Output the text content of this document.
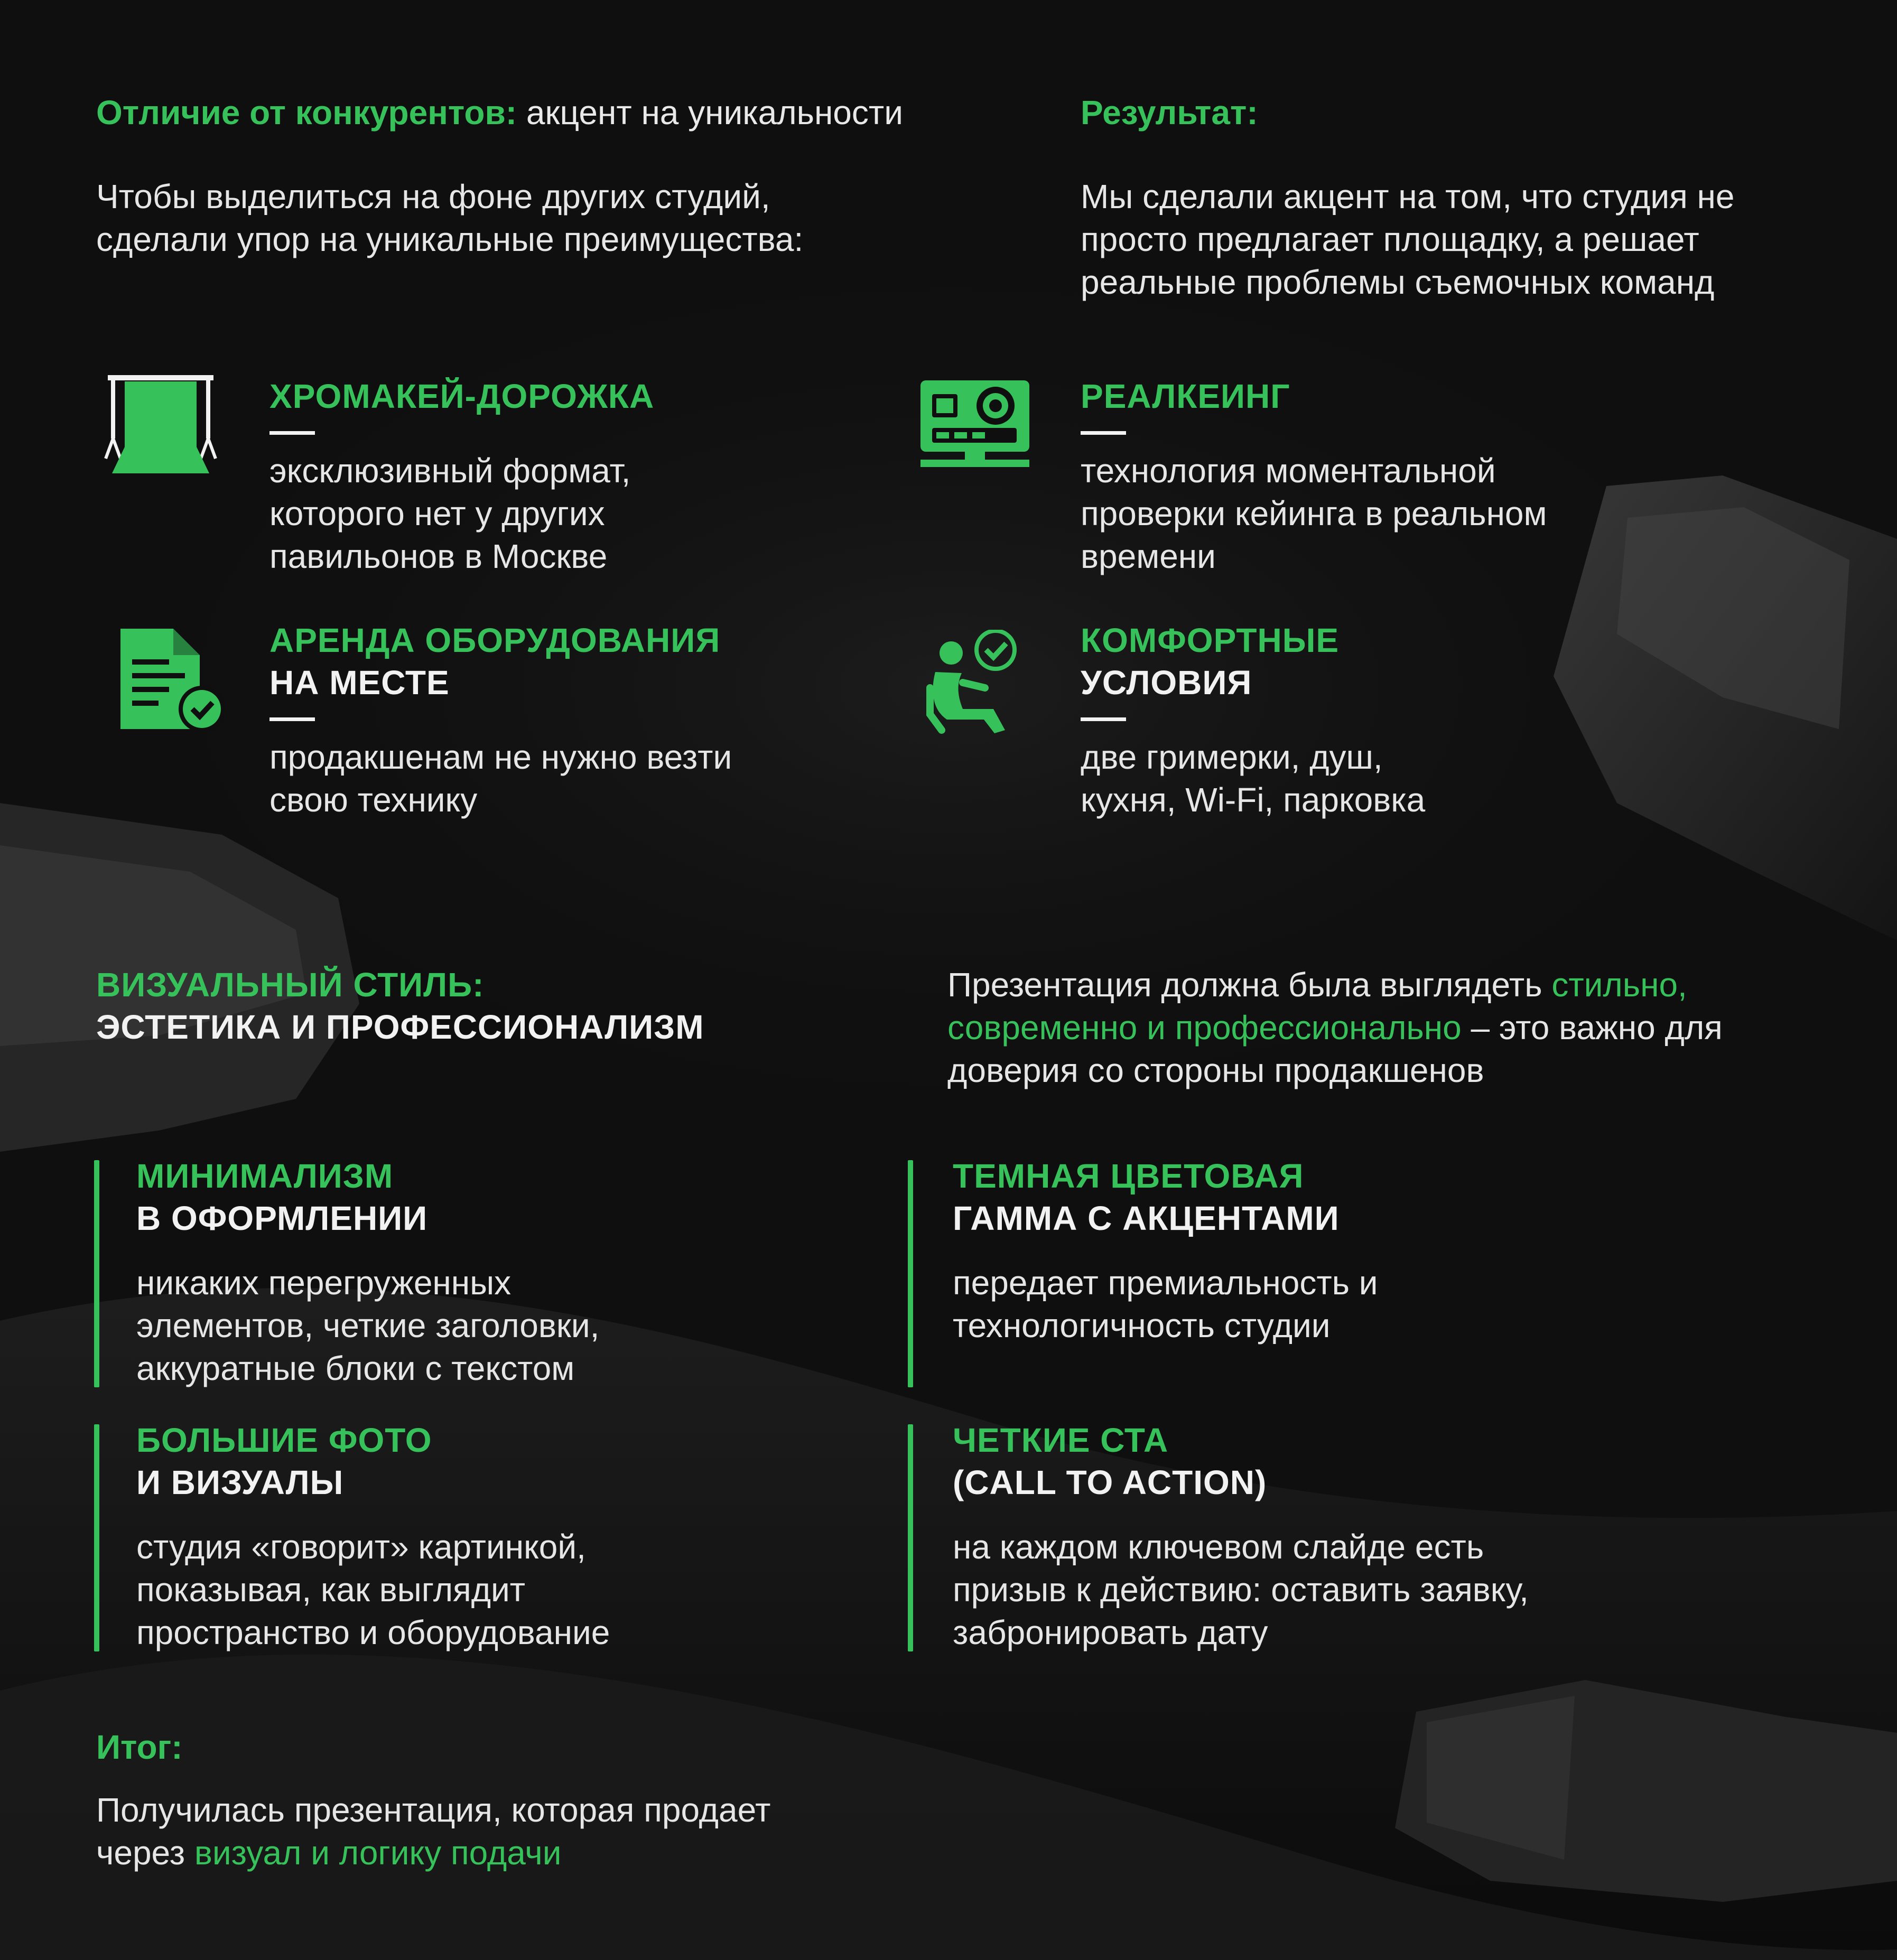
Отличие от конкурентов: акцент на уникальности

Чтобы выделиться на фоне других студий, сделали упор на уникальные преимущества:

Результат:

Мы сделали акцент на том, что студия не просто предлагает площадку, а решает реальные проблемы съемочных команд

ХРОМАКЕЙ-ДОРОЖКА

эксклюзивный формат, которого нет у других павильонов в Москве

РЕАЛКЕИНГ

технология моментальной проверки кейинга в реальном времени

АРЕНДА ОБОРУДОВАНИЯ
НА МЕСТЕ

продакшенам не нужно везти свою технику

КОМФОРТНЫЕ
УСЛОВИЯ

две гримерки, душ, кухня, Wi-Fi, парковка

ВИЗУАЛЬНЫЙ СТИЛЬ:
ЭСТЕТИКА И ПРОФЕССИОНАЛИЗМ

Презентация должна была выглядеть стильно, современно и профессионально – это важно для доверия со стороны продакшенов

МИНИМАЛИЗМ
В ОФОРМЛЕНИИ

никаких перегруженных элементов, четкие заголовки, аккуратные блоки с текстом

ТЕМНАЯ ЦВЕТОВАЯ
ГАММА С АКЦЕНТАМИ

передает премиальность и технологичность студии

БОЛЬШИЕ ФОТО
И ВИЗУАЛЫ

студия «говорит» картинкой, показывая, как выглядит пространство и оборудование

ЧЕТКИЕ СТА
(CALL TO ACTION)

на каждом ключевом слайде есть призыв к действию: оставить заявку, забронировать дату

Итог:

Получилась презентация, которая продает через визуал и логику подачи
